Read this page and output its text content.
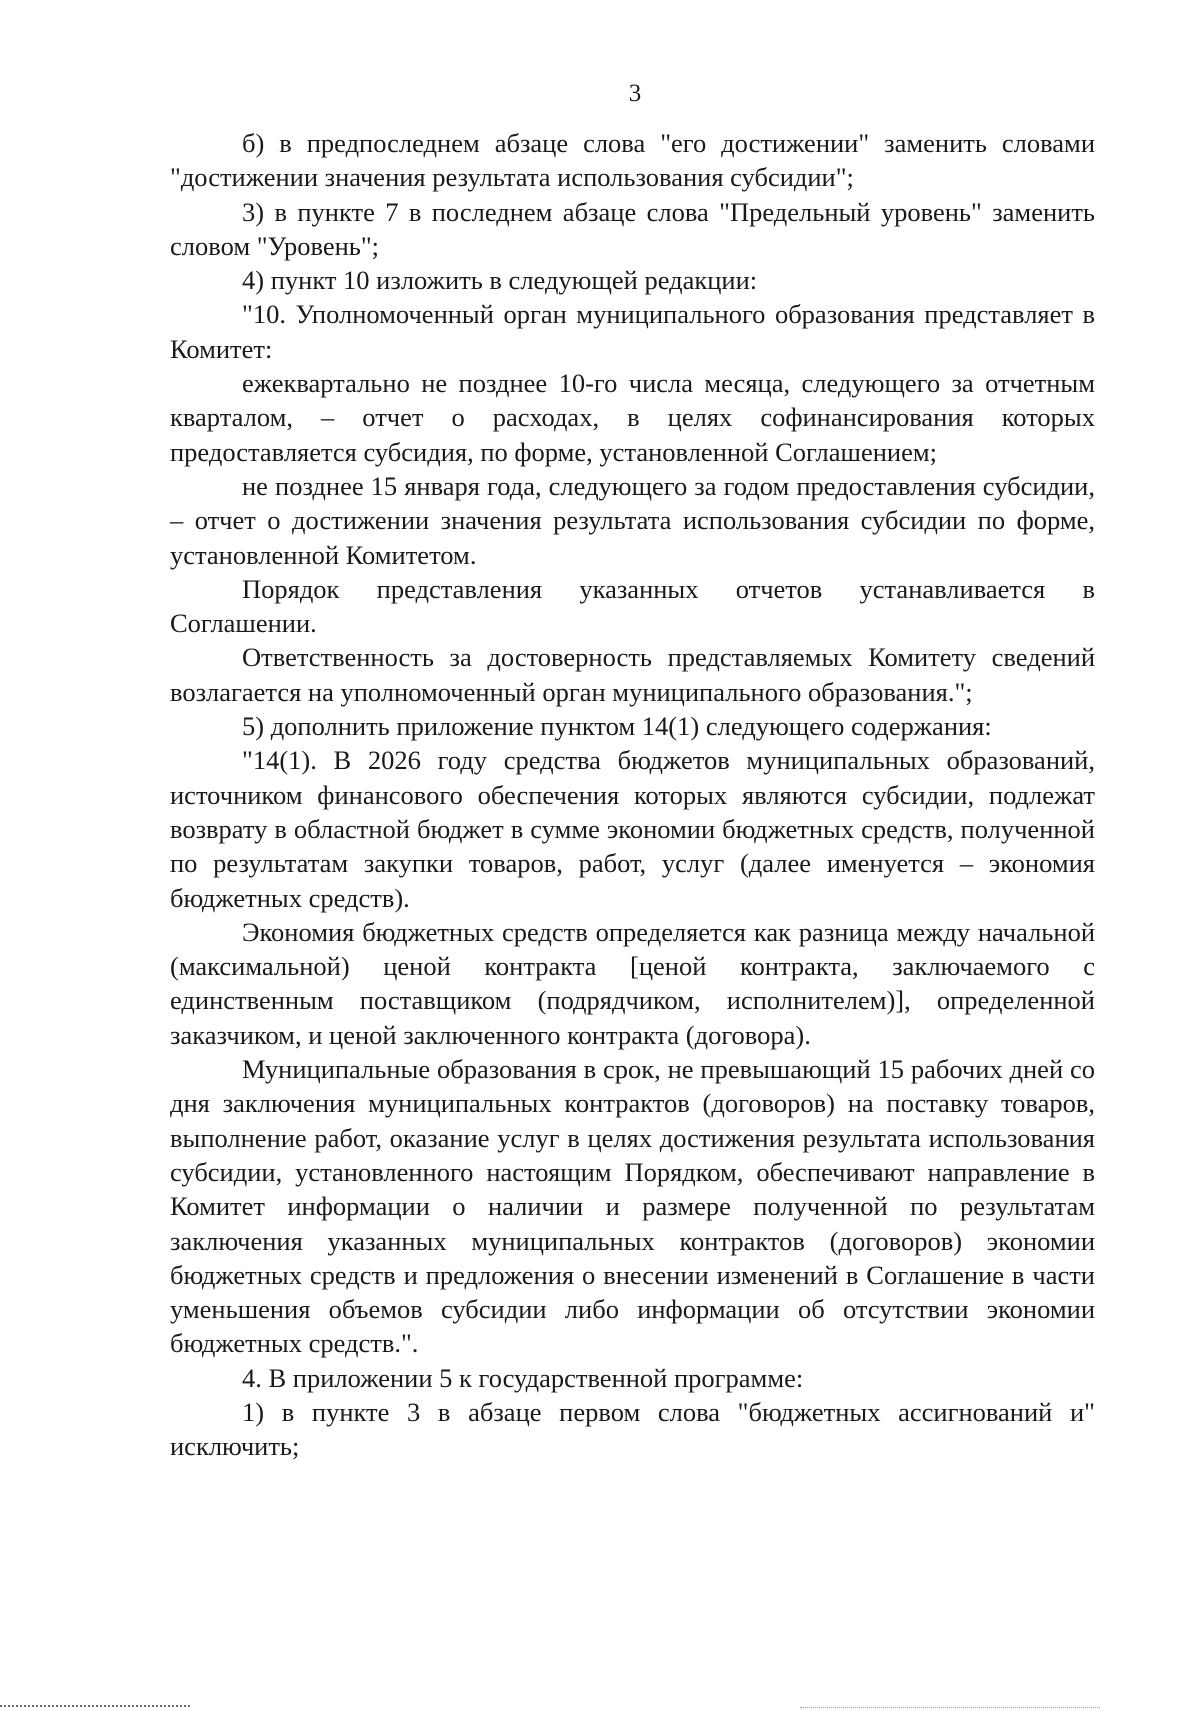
3

б) в предпоследнем абзаце слова "его достижении" заменить словами "достижении значения результата использования субсидии";

3) в пункте 7 в последнем абзаце слова "Предельный уровень" заменить словом "Уровень";

4) пункт 10 изложить в следующей редакции:

"10. Уполномоченный орган муниципального образования представляет в Комитет:

ежеквартально не позднее 10-го числа месяца, следующего за отчетным кварталом, – отчет о расходах, в целях софинансирования которых предоставляется субсидия, по форме, установленной Соглашением;

не позднее 15 января года, следующего за годом предоставления субсидии, – отчет о достижении значения результата использования субсидии по форме, установленной Комитетом.

Порядок представления указанных отчетов устанавливается в Соглашении.

Ответственность за достоверность представляемых Комитету сведений возлагается на уполномоченный орган муниципального образования.";

5) дополнить приложение пунктом 14(1) следующего содержания:

"14(1). В 2026 году средства бюджетов муниципальных образований, источником финансового обеспечения которых являются субсидии, подлежат возврату в областной бюджет в сумме экономии бюджетных средств, полученной по результатам закупки товаров, работ, услуг (далее именуется – экономия бюджетных средств).

Экономия бюджетных средств определяется как разница между начальной (максимальной) ценой контракта [ценой контракта, заключаемого с единственным поставщиком (подрядчиком, исполнителем)], определенной заказчиком, и ценой заключенного контракта (договора).

Муниципальные образования в срок, не превышающий 15 рабочих дней со дня заключения муниципальных контрактов (договоров) на поставку товаров, выполнение работ, оказание услуг в целях достижения результата использования субсидии, установленного настоящим Порядком, обеспечивают направление в Комитет информации о наличии и размере полученной по результатам заключения указанных муниципальных контрактов (договоров) экономии бюджетных средств и предложения о внесении изменений в Соглашение в части уменьшения объемов субсидии либо информации об отсутствии экономии бюджетных средств.".

4. В приложении 5 к государственной программе:

1) в пункте 3 в абзаце первом слова "бюджетных ассигнований и" исключить;
